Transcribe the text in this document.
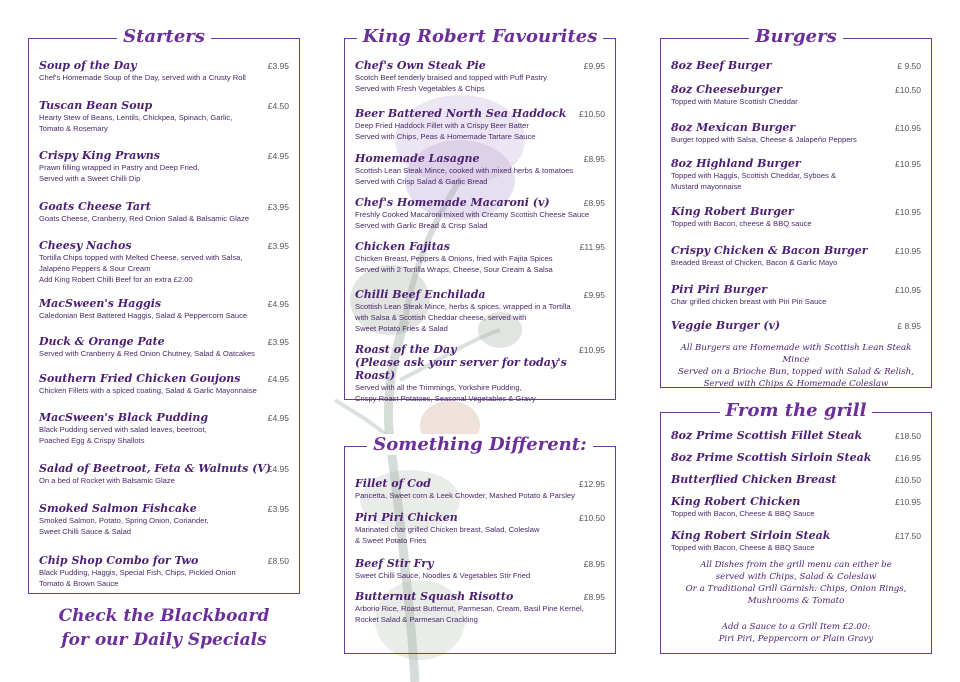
Starters
Soup of the Day	£3.95
Chef's Homemade Soup of the Day, served with a Crusty Roll
Tuscan Bean Soup	£4.50
Hearty Stew of Beans, Lentils, Chickpea, Spinach, Garlic,
Tomato & Rosemary
Crispy King Prawns	£4.95
Prawn filling wrapped in Pastry and Deep Fried,
Served with a Sweet Chilli Dip
Goats Cheese Tart	£3.95
Goats Cheese, Cranberry, Red Onion Salad & Balsamic Glaze
Cheesy Nachos	£3.95
Tortilla Chips topped with Melted Cheese, served with Salsa,
Jalapeno Peppers & Sour Cream
Add King Robert Chilli Beef for an extra £2.00
MacSween's Haggis	£4.95
Caledonian Best Battered Haggis, Salad & Peppercorn Sauce
Duck & Orange Pate	£3.95
Served with Cranberry & Red Onion Chutney, Salad & Oatcakes
Southern Fried Chicken Goujons	£4.95
Chicken Fillets with a spiced coating, Salad & Garlic Mayonnaise
MacSween's Black Pudding	£4.95
Black Pudding served with salad leaves, beetroot,
Poached Egg & Crispy Shallots
Salad of Beetroot, Feta & Walnuts (V)
£4.95
On a bed of Rocket with Balsamic Glaze
Smoked Salmon Fishcake	£3.95
Smoked Salmon, Potato, Spring Onion, Coriander,
Sweet Chilli Sauce & Salad
Chip Shop Combo for Two	£8.50
Black Pudding, Haggis, Special Fish, Chips, Pickled Onion
Tomato & Brown Sauce
Check the Blackboard
for our Daily Specials
King Robert Favourites
Chef's Own Steak Pie	£9.95
Scotch Beef tenderly braised and topped with Puff Pastry
Served with Fresh Vegetables & Chips
Beer Battered North Sea Haddock	£10.50
Deep Fried Haddock Fillet with a Crispy Beer Batter
Served with Chips, Peas & Homemade Tartare Sauce
Homemade Lasagne	£8.95
Scottish Lean Steak Mince, cooked with mixed herbs & tomatoes
Served with Crisp Salad & Garlic Bread
Chef's Homemade Macaroni (v)	£8.95
Freshly Cooked Macaroni mixed with Creamy Scottish Cheese Sauce
Served with Garlic Bread & Crisp Salad
Chicken Fajitas	£11.95
Chicken Breast, Peppers & Onions, fried with Fajita Spices
Served with 2 Tortilla Wraps, Cheese, Sour Cream & Salsa
Chilli Beef Enchilada	£9.95
Scottish Lean Steak Mince, herbs & spices, wrapped in a Tortilla
with Salsa & Scottish Cheddar cheese, served with
Sweet Potato Fries & Salad
Roast of the Day
(Please ask your server for today's Roast)
£10.95
Served with all the Trimmings, Yorkshire Pudding,
Crispy Roast Potatoes, Seasonal Vegetables & Gravy
Something Different:
Fillet of Cod	£12.95
Pancetta, Sweet corn & Leek Chowder, Mashed Potato & Parsley
Piri Piri Chicken	£10.50
Marinated char grilled Chicken breast, Salad, Coleslaw
& Sweet Potato Fries
Beef Stir Fry	£8.95
Sweet Chilli Sauce, Noodles & Vegetables Stir Fried
Butternut Squash Risotto	£8.95
Arborio Rice, Roast Butternut, Parmesan, Cream, Basil Pine Kernel,
Rocket Salad & Parmesan Crackling
Burgers
8oz Beef Burger	£ 9.50
8oz Cheeseburger	£10.50
Topped with Mature Scottish Cheddar
8oz Mexican Burger	£10.95
Burger topped with Salsa, Cheese & Jalapeño Peppers
8oz Highland Burger	£10.95
Topped with Haggis, Scottish Cheddar, Syboes &
Mustard mayonnaise
King Robert Burger	£10.95
Topped with Bacon, cheese & BBQ sauce
Crispy Chicken & Bacon Burger	£10.95
Breaded Breast of Chicken, Bacon & Garlic Mayo
Piri Piri Burger	£10.95
Char grilled chicken breast with Piri Piri Sauce
Veggie Burger (v)	£ 8.95
All Burgers are Homemade with Scottish Lean Steak Mince
Served on a Brioche Bun, topped with Salad & Relish,
Served with Chips & Homemade Coleslaw
From the grill
8oz Prime Scottish Fillet Steak	£18.50
8oz Prime Scottish Sirloin Steak	£16.95
Butterflied Chicken Breast	£10.50
King Robert Chicken	£10.95
Topped with Bacon, Cheese & BBQ Sauce
King Robert Sirloin Steak	£17.50
Topped with Bacon, Cheese & BBQ Sauce
All Dishes from the grill menu can either be
served with Chips, Salad & Coleslaw
Or a Traditional Grill Garnish: Chips, Onion Rings,
Mushrooms & Tomato
Add a Sauce to a Grill Item £2.00:
Piri Piri, Peppercorn or Plain Gravy
